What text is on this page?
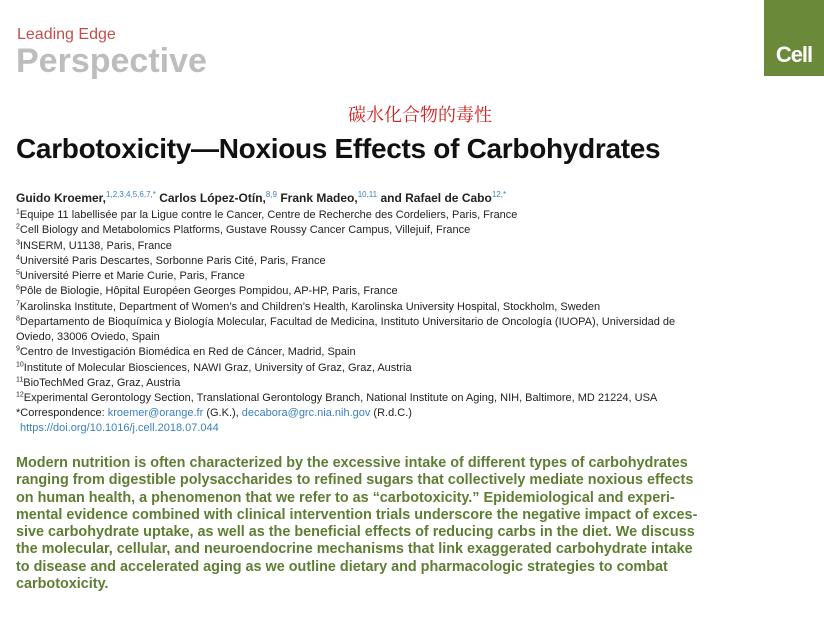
Leading Edge
Perspective	Cell
碳水化合物的毒性
Carbotoxicity—Noxious Effects of Carbohydrates
Guido Kroemer,$^{1,2,3,4,5,6,7,*}$ Carlos López-Otín,$^{8,9}$ Frank Madeo,$^{10,11}$ and Rafael de Cabo$^{12,*}$
$^1$Equipe 11 labellisée par la Ligue contre le Cancer, Centre de Recherche des Cordeliers, Paris, France
$^2$Cell Biology and Metabolomics Platforms, Gustave Roussy Cancer Campus, Villejuif, France
$^3$INSERM, U1138, Paris, France
$^4$Université Paris Descartes, Sorbonne Paris Cité, Paris, France
$^5$Université Pierre et Marie Curie, Paris, France
$^6$Pôle de Biologie, Hôpital Européen Georges Pompidou, AP-HP, Paris, France
$^7$Karolinska Institute, Department of Women’s and Children’s Health, Karolinska University Hospital, Stockholm, Sweden
$^8$Departamento de Bioquímica y Biología Molecular, Facultad de Medicina, Instituto Universitario de Oncología (IUOPA), Universidad de
Oviedo, 33006 Oviedo, Spain
$^9$Centro de Investigación Biomédica en Red de Cáncer, Madrid, Spain
$^{10}$Institute of Molecular Biosciences, NAWI Graz, University of Graz, Graz, Austria
$^{11}$BioTechMed Graz, Graz, Austria
$^{12}$Experimental Gerontology Section, Translational Gerontology Branch, National Institute on Aging, NIH, Baltimore, MD 21224, USA
*Correspondence: kroemer@orange.fr (G.K.), decabora@grc.nia.nih.gov (R.d.C.)
https://doi.org/10.1016/j.cell.2018.07.044
Modern nutrition is often characterized by the excessive intake of different types of carbohydrates
ranging from digestible polysaccharides to refined sugars that collectively mediate noxious effects
on human health, a phenomenon that we refer to as “carbotoxicity.” Epidemiological and experi-
mental evidence combined with clinical intervention trials underscore the negative impact of exces-
sive carbohydrate uptake, as well as the beneficial effects of reducing carbs in the diet. We discuss
the molecular, cellular, and neuroendocrine mechanisms that link exaggerated carbohydrate intake
to disease and accelerated aging as we outline dietary and pharmacologic strategies to combat
carbotoxicity.
